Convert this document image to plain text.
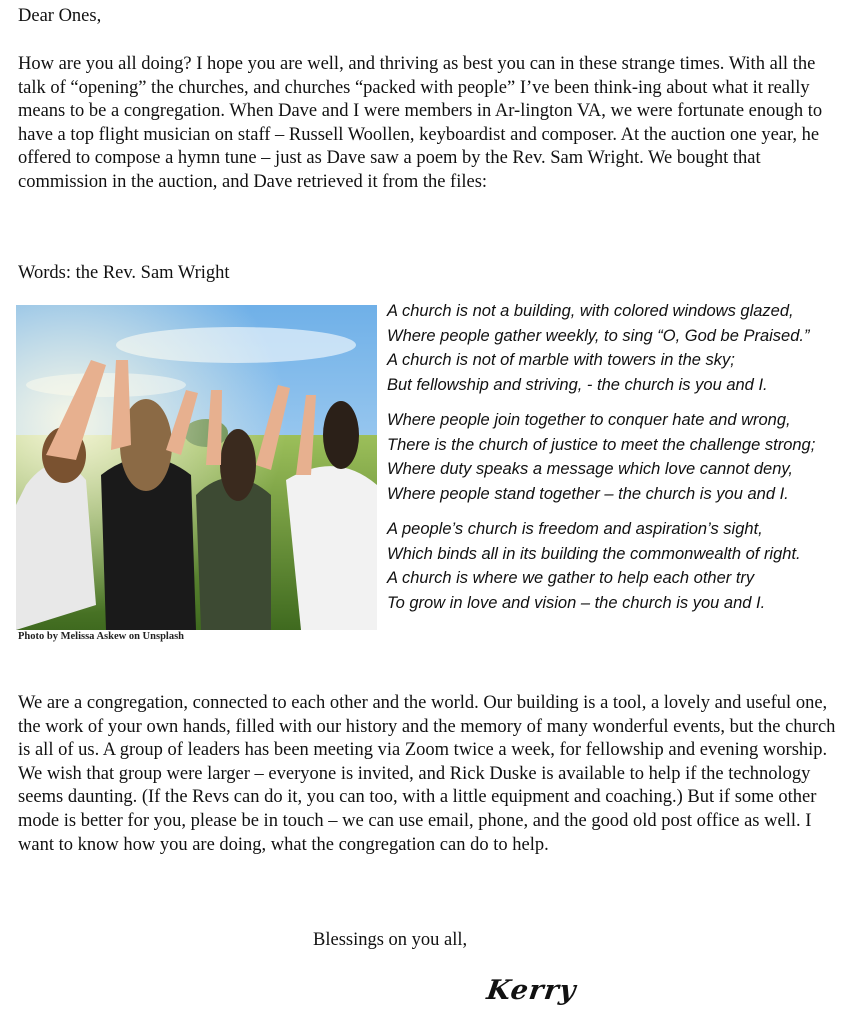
Dear Ones,
How are you all doing? I hope you are well, and thriving as best you can in these strange times. With all the talk of “opening” the churches, and churches “packed with people” I’ve been think-ing about what it really means to be a congregation. When Dave and I were members in Ar-lington VA, we were fortunate enough to have a top flight musician on staff – Russell Woollen, keyboardist and composer. At the auction one year, he offered to compose a hymn tune – just as Dave saw a poem by the Rev. Sam Wright. We bought that commission in the auction, and Dave retrieved it from the files:
Words: the Rev. Sam Wright
Photo by Melissa Askew on Unsplash
A church is not a building, with colored windows glazed,
Where people gather weekly, to sing “O, God be Praised.”
A church is not of marble with towers in the sky;
But fellowship and striving, - the church is you and I.
Where people join together to conquer hate and wrong,
There is the church of justice to meet the challenge strong;
Where duty speaks a message which love cannot deny,
Where people stand together – the church is you and I.
A people’s church is freedom and aspiration’s sight,
Which binds all in its building the commonwealth of right.
A church is where we gather to help each other try
To grow in love and vision – the church is you and I.
We are a congregation, connected to each other and the world. Our building is a tool, a lovely and useful one, the work of your own hands, filled with our history and the memory of many wonderful events, but the church is all of us. A group of leaders has been meeting via Zoom twice a week, for fellowship and evening worship. We wish that group were larger – everyone is invited, and Rick Duske is available to help if the technology seems daunting. (If the Revs can do it, you can too, with a little equipment and coaching.) But if some other mode is better for you, please be in touch – we can use email, phone, and the good old post office as well. I want to know how you are doing, what the congregation can do to help.
Blessings on you all,
Kerry
